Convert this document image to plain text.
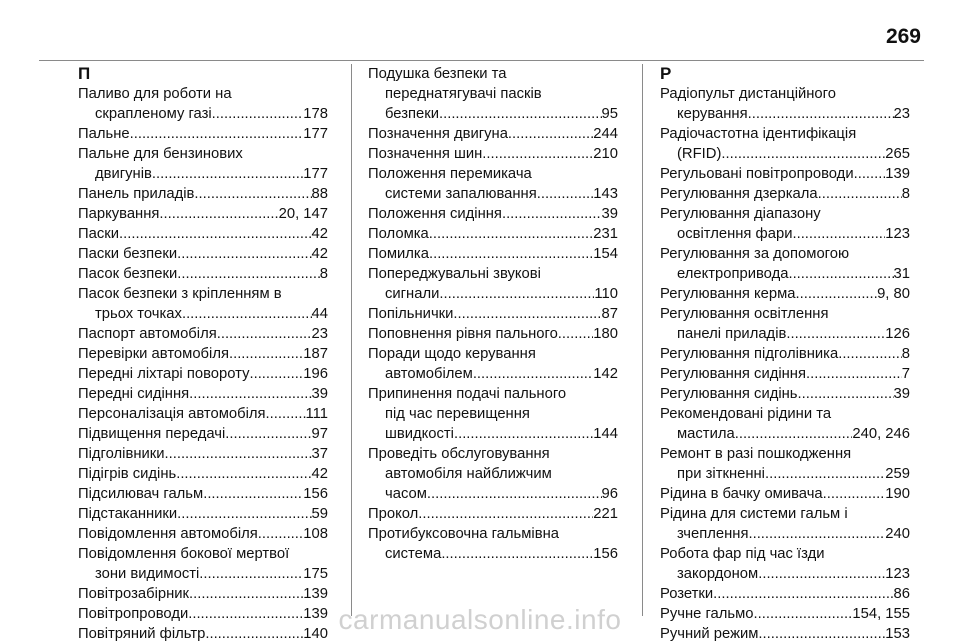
269
П
Паливо для роботи на
скрапленому газі .....	178
Пальне .....	177
Пальне для бензинових
двигунів .....	177
Панель приладів .....	88
Паркування .....	20, 147
Паски .....	42
Паски безпеки .....	42
Пасок безпеки .....	8
Пасок безпеки з кріпленням в
трьох точках .....	44
Паспорт автомобіля .....	23
Перевірки автомобіля .....	187
Передні ліхтарі повороту .....	196
Передні сидіння .....	39
Персоналізація автомобіля .....	111
Підвищення передачі .....	97
Підголівники .....	37
Підігрів сидінь .....	42
Підсилювач гальм .....	156
Підстаканники .....	59
Повідомлення автомобіля .....	108
Повідомлення бокової мертвої
зони видимості .....	175
Повітрозабірник .....	139
Повітропроводи .....	139
Повітряний фільтр .....	140
Подушка безпеки та
переднатягувачі пасків
безпеки .....	95
Позначення двигуна .....	244
Позначення шин .....	210
Положення перемикача
системи запалювання .....	143
Положення сидіння .....	39
Поломка .....	231
Помилка .....	154
Попереджувальні звукові
сигнали .....	110
Попільнички .....	87
Поповнення рівня пального ..... 180
Поради щодо керування
автомобілем .....	142
Припинення подачі пального
під час перевищення
швидкості .....	144
Проведіть обслуговування
автомобіля найближчим
часом .....	96
Прокол .....	221
Протибуксовочна гальмівна
система .....	156
Р
Радіопульт дистанційного
керування .....	23
Радіочастотна ідентифікація
(RFID) .....	265
Регульовані повітропроводи ..... 139
Регулювання дзеркала .....	8
Регулювання діапазону
освітлення фари .....	123
Регулювання за допомогою
електропривода .....	31
Регулювання керма .....	9, 80
Регулювання освітлення
панелі приладів .....	126
Регулювання підголівника .....	8
Регулювання сидіння .....	7
Регулювання сидінь .....	39
Рекомендовані рідини та
мастила .....	240, 246
Ремонт в разі пошкодження
при зіткненні .....	259
Рідина в бачку омивача .....	190
Рідина для системи гальм і
зчеплення .....	240
Робота фар під час їзди
закордоном .....	123
Розетки .....	86
Ручне гальмо .....	154, 155
Ручний режим .....	153
carmanualsonline.info
